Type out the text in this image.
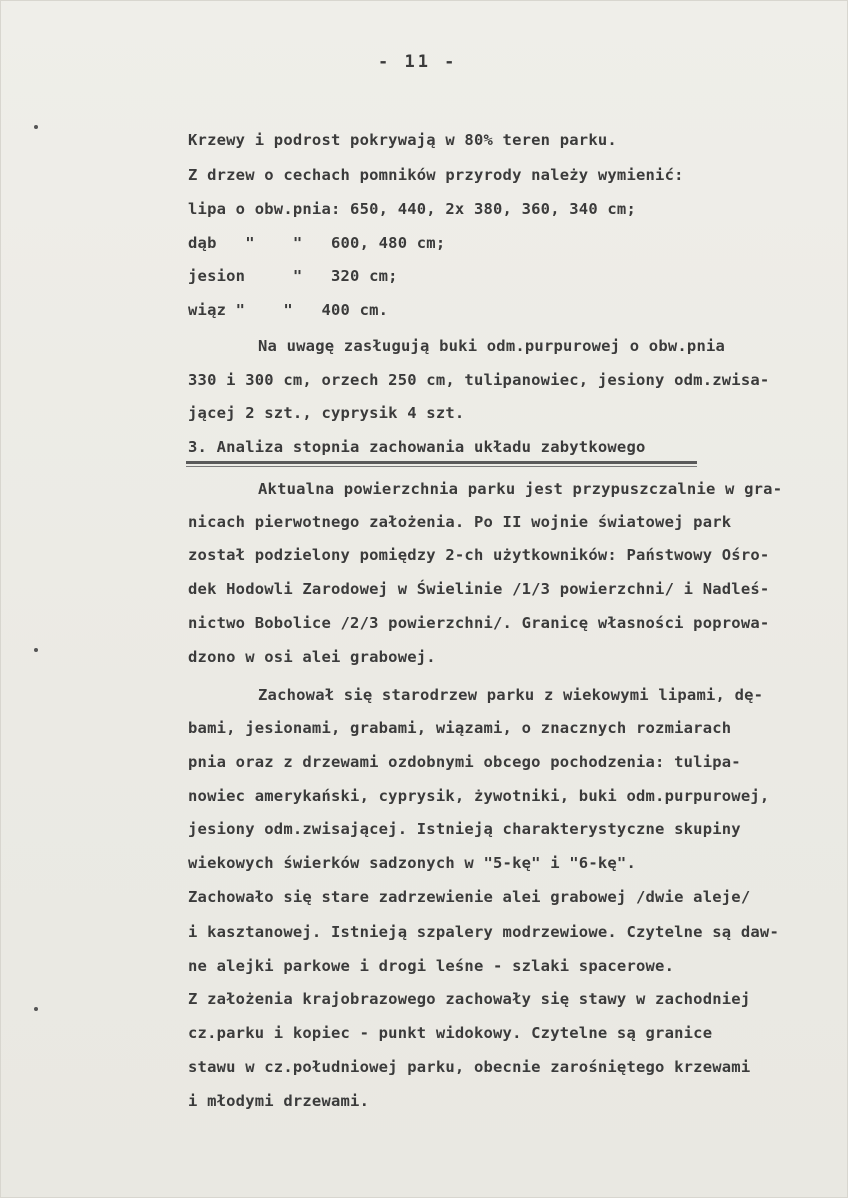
- 11 -
Krzewy i podrost pokrywają w 80% teren parku.
Z drzew o cechach pomników przyrody należy wymienić:
lipa o obw.pnia: 650, 440, 2x 380, 360, 340 cm;
dąb   "    "   600, 480 cm;
jesion     "   320 cm;
wiąz "    "   400 cm.
Na uwagę zasługują buki odm.purpurowej o obw.pnia
330 i 300 cm, orzech 250 cm, tulipanowiec, jesiony odm.zwisa-
jącej 2 szt., cyprysik 4 szt.
3. Analiza stopnia zachowania układu zabytkowego
Aktualna powierzchnia parku jest przypuszczalnie w gra-
nicach pierwotnego założenia. Po II wojnie światowej park
został podzielony pomiędzy 2-ch użytkowników: Państwowy Ośro-
dek Hodowli Zarodowej w Świelinie /1/3 powierzchni/ i Nadleś-
nictwo Bobolice /2/3 powierzchni/. Granicę własności poprowa-
dzono w osi alei grabowej.
Zachował się starodrzew parku z wiekowymi lipami, dę-
bami, jesionami, grabami, wiązami, o znacznych rozmiarach
pnia oraz z drzewami ozdobnymi obcego pochodzenia: tulipa-
nowiec amerykański, cyprysik, żywotniki, buki odm.purpurowej,
jesiony odm.zwisającej. Istnieją charakterystyczne skupiny
wiekowych świerków sadzonych w "5-kę" i "6-kę".
Zachowało się stare zadrzewienie alei grabowej /dwie aleje/
i kasztanowej. Istnieją szpalery modrzewiowe. Czytelne są daw-
ne alejki parkowe i drogi leśne - szlaki spacerowe.
Z założenia krajobrazowego zachowały się stawy w zachodniej
cz.parku i kopiec - punkt widokowy. Czytelne są granice
stawu w cz.południowej parku, obecnie zarośniętego krzewami
i młodymi drzewami.
